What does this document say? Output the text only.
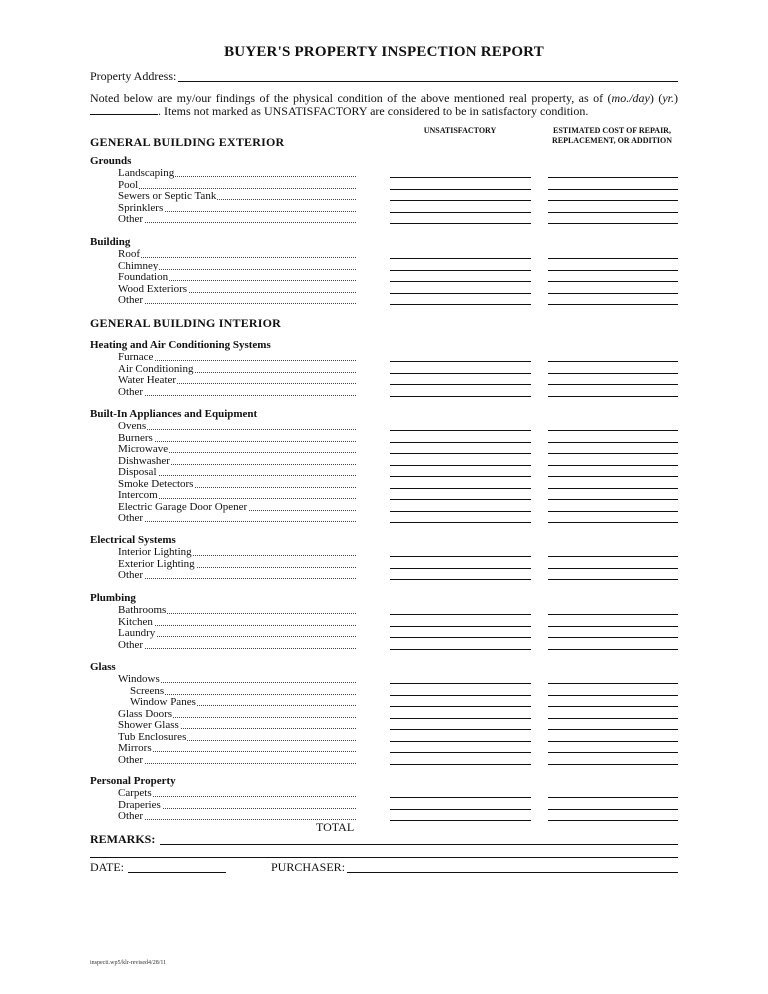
BUYER'S PROPERTY INSPECTION REPORT
Property Address:
Noted below are my/our findings of the physical condition of the above mentioned real property, as of (mo./day) (yr.) . Items not marked as UNSATISFACTORY are considered to be in satisfactory condition.
UNSATISFACTORY	ESTIMATED COST OF REPAIR, REPLACEMENT, OR ADDITION
GENERAL BUILDING EXTERIOR
GENERAL BUILDING INTERIOR
Grounds
Landscaping
Pool
Sewers or Septic Tank
Sprinklers
Other
Building
Roof
Chimney
Foundation
Wood Exteriors
Other
Heating and Air Conditioning Systems
Furnace
Air Conditioning
Water Heater
Other
Built-In Appliances and Equipment
Ovens
Burners
Microwave
Dishwasher
Disposal
Smoke Detectors
Intercom
Electric Garage Door Opener
Other
Electrical Systems
Interior Lighting
Exterior Lighting
Other
Plumbing
Bathrooms
Kitchen
Laundry
Other
Glass
Windows
Screens
Window Panes
Glass Doors
Shower Glass
Tub Enclosures
Mirrors
Other
Personal Property
Carpets
Draperies
Other
TOTAL
REMARKS:
DATE:	PURCHASER:
inspecti.wp5/klr-revised4/28/11
